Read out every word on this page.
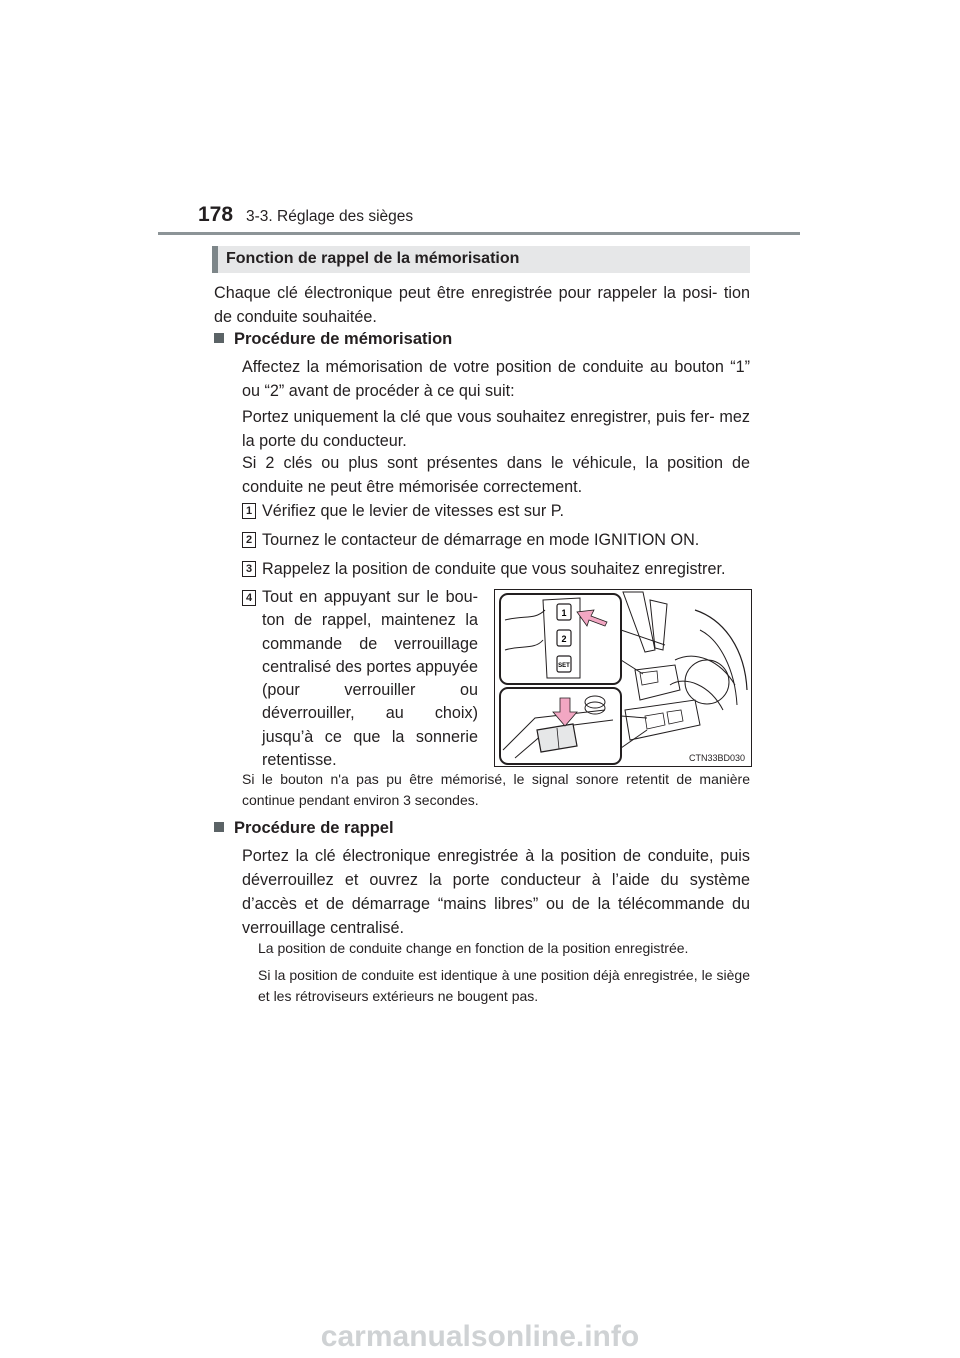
178 3-3. Réglage des sièges
Fonction de rappel de la mémorisation
Chaque clé électronique peut être enregistrée pour rappeler la posi- tion de conduite souhaitée.
Procédure de mémorisation
Affectez la mémorisation de votre position de conduite au bouton “1” ou “2” avant de procéder à ce qui suit:
Portez uniquement la clé que vous souhaitez enregistrer, puis fer- mez la porte du conducteur.
Si 2 clés ou plus sont présentes dans le véhicule, la position de conduite ne peut être mémorisée correctement.
1 Vérifiez que le levier de vitesses est sur P.
2 Tournez le contacteur de démarrage en mode IGNITION ON.
3 Rappelez la position de conduite que vous souhaitez enregistrer.
4 Tout en appuyant sur le bou- ton de rappel, maintenez la commande de verrouillage centralisé des portes appuyée (pour verrouiller ou déverrouiller, au choix) jusqu’à ce que la sonnerie retentisse.
1
2
SET
CTN33BD030
Si le bouton n'a pas pu être mémorisé, le signal sonore retentit de manière continue pendant environ 3 secondes.
Procédure de rappel
Portez la clé électronique enregistrée à la position de conduite, puis déverrouillez et ouvrez la porte conducteur à l’aide du système d’accès et de démarrage “mains libres” ou de la télécommande du verrouillage centralisé.
La position de conduite change en fonction de la position enregistrée.
Si la position de conduite est identique à une position déjà enregistrée, le siège et les rétroviseurs extérieurs ne bougent pas.
carmanualsonline.info
